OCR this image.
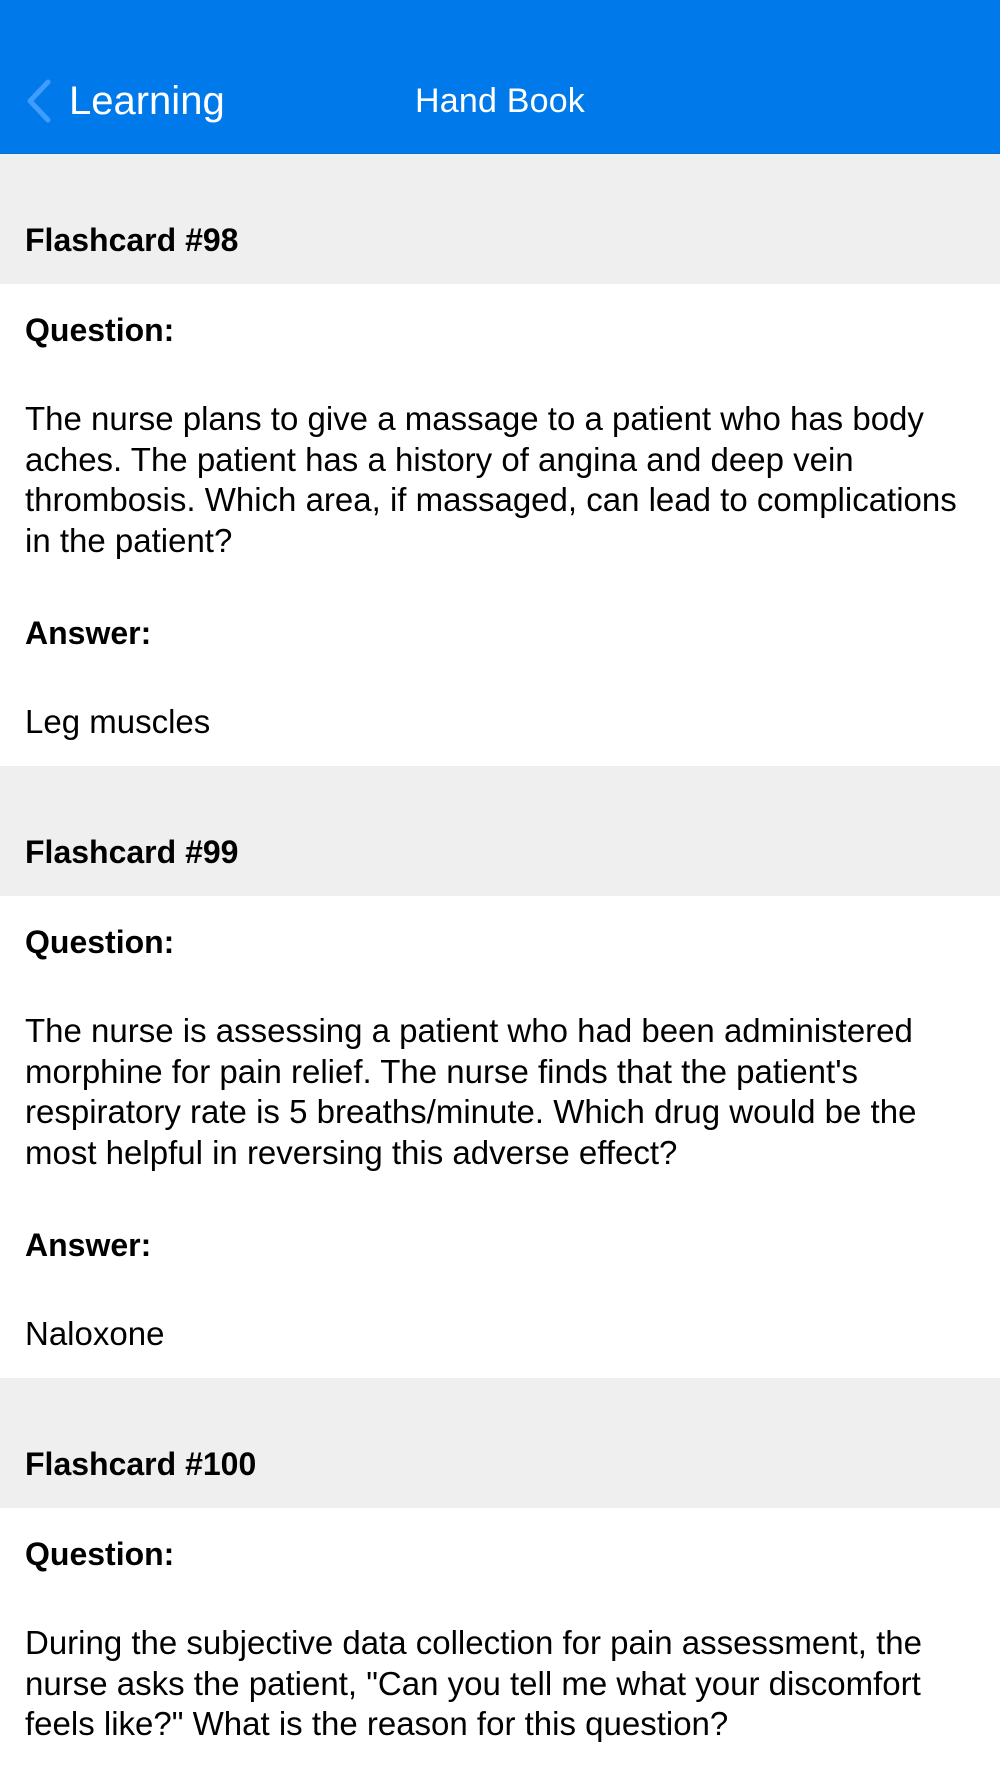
Learning	Hand Book
Flashcard #98
Question:
The nurse plans to give a massage to a patient who has body aches. The patient has a history of angina and deep vein thrombosis. Which area, if massaged, can lead to complications in the patient?
Answer:
Leg muscles
Flashcard #99
Question:
The nurse is assessing a patient who had been administered morphine for pain relief. The nurse finds that the patient's respiratory rate is 5 breaths/minute. Which drug would be the most helpful in reversing this adverse effect?
Answer:
Naloxone
Flashcard #100
Question:
During the subjective data collection for pain assessment, the nurse asks the patient, "Can you tell me what your discomfort feels like?" What is the reason for this question?
